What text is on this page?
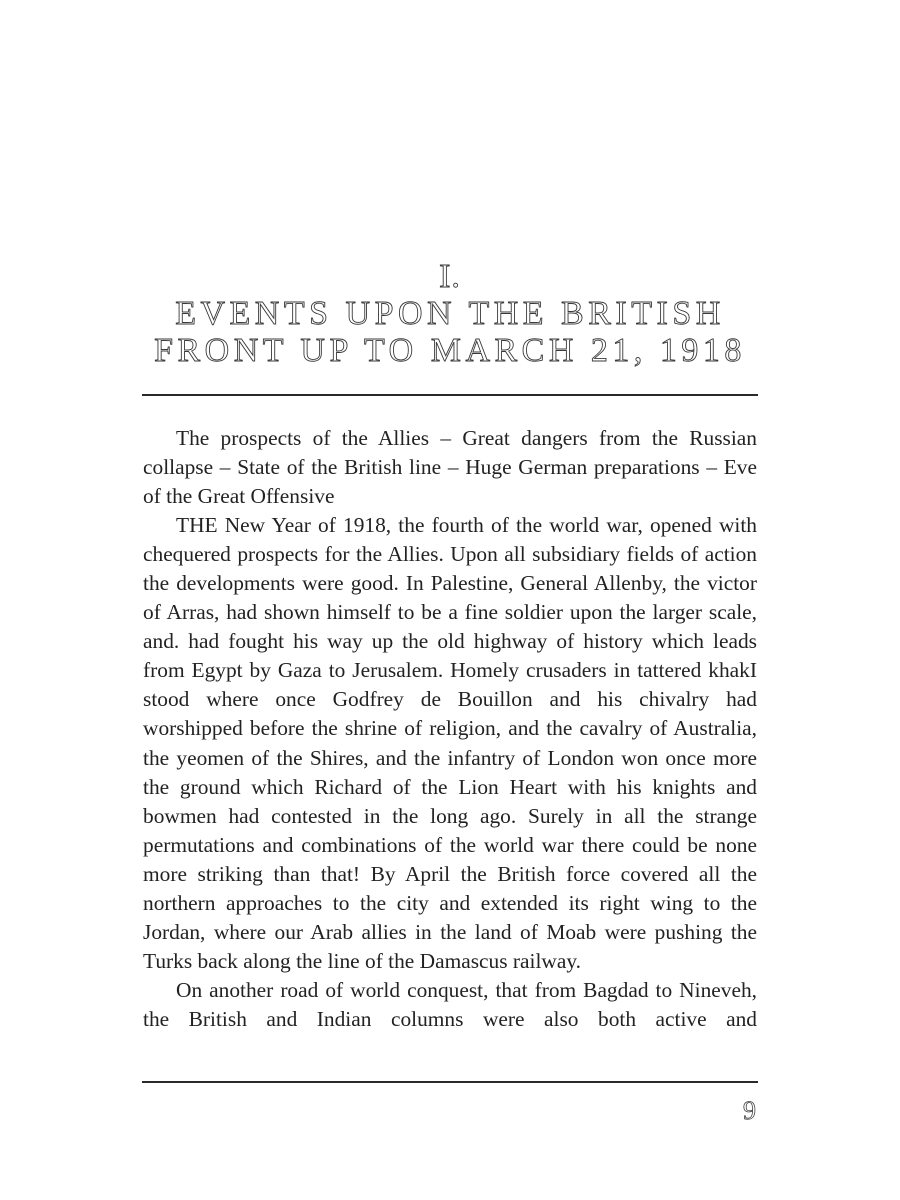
I.
EVENTS UPON THE BRITISH
FRONT UP TO MARCH 21, 1918

The prospects of the Allies – Great dangers from the Russian collapse – State of the British line – Huge German preparations – Eve of the Great Offensive

THE New Year of 1918, the fourth of the world war, opened with chequered prospects for the Allies. Upon all subsidiary fields of action the developments were good. In Palestine, General Allenby, the victor of Arras, had shown himself to be a fine soldier upon the larger scale, and. had fought his way up the old highway of history which leads from Egypt by Gaza to Jerusalem. Homely crusaders in tattered khakI stood where once Godfrey de Bouillon and his chivalry had worshipped before the shrine of religion, and the cavalry of Australia, the yeomen of the Shires, and the infantry of London won once more the ground which Richard of the Lion Heart with his knights and bowmen had contested in the long ago. Surely in all the strange permutations and combinations of the world war there could be none more striking than that! By April the British force covered all the northern approaches to the city and extended its right wing to the Jordan, where our Arab allies in the land of Moab were pushing the Turks back along the line of the Damascus railway.

On another road of world conquest, that from Bagdad to Nineveh, the British and Indian columns were also both active and

9
